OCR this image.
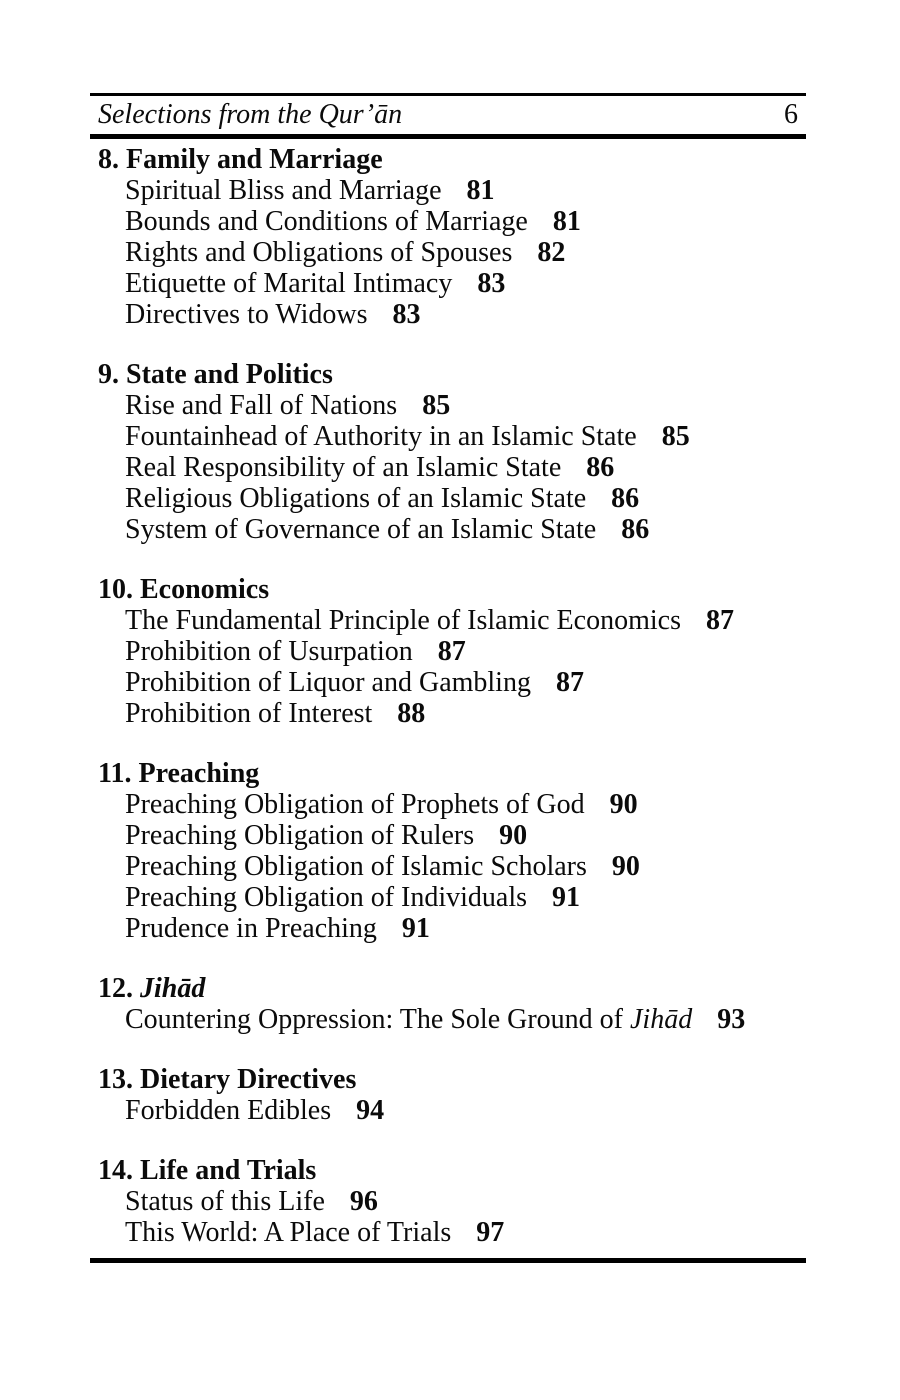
Selections from the Qur’ān	6
8. Family and Marriage
Spiritual Bliss and Marriage 81
Bounds and Conditions of Marriage 81
Rights and Obligations of Spouses 82
Etiquette of Marital Intimacy 83
Directives to Widows 83
9. State and Politics
Rise and Fall of Nations 85
Fountainhead of Authority in an Islamic State 85
Real Responsibility of an Islamic State 86
Religious Obligations of an Islamic State 86
System of Governance of an Islamic State 86
10. Economics
The Fundamental Principle of Islamic Economics 87
Prohibition of Usurpation 87
Prohibition of Liquor and Gambling 87
Prohibition of Interest 88
11. Preaching
Preaching Obligation of Prophets of God 90
Preaching Obligation of Rulers 90
Preaching Obligation of Islamic Scholars 90
Preaching Obligation of Individuals 91
Prudence in Preaching 91
12. Jihād
Countering Oppression: The Sole Ground of Jihād 93
13. Dietary Directives
Forbidden Edibles 94
14. Life and Trials
Status of this Life 96
This World: A Place of Trials 97
